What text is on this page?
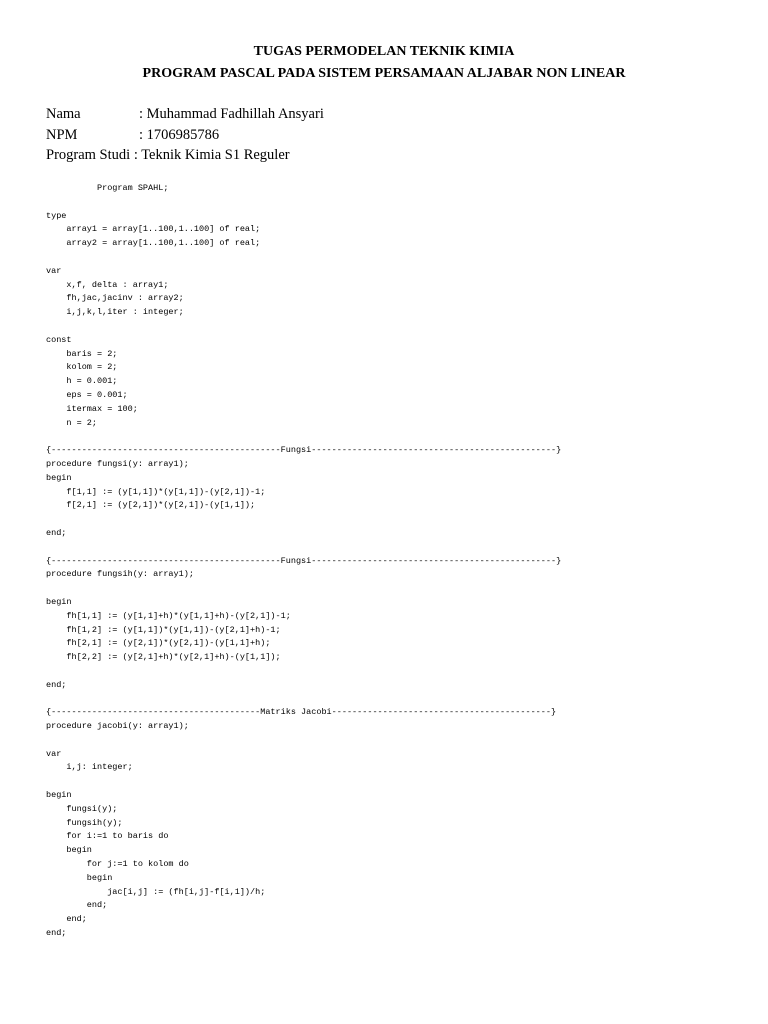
TUGAS PERMODELAN TEKNIK KIMIA
PROGRAM PASCAL PADA SISTEM PERSAMAAN ALJABAR NON LINEAR
Nama	: Muhammad Fadhillah Ansyari
NPM	: 1706985786
Program Studi : Teknik Kimia S1 Reguler
Program SPAHL;
type
array1 = array[1..100,1..100] of real;
array2 = array[1..100,1..100] of real;
var
x,f, delta : array1;
fh,jac,jacinv : array2;
i,j,k,l,iter : integer;
const
baris = 2;
kolom = 2;
h = 0.001;
eps = 0.001;
itermax = 100;
n = 2;
{---------------------------------------------Fungsi------------------------------------------------}
procedure fungsi(y: array1);
begin
f[1,1] := (y[1,1])*(y[1,1])-(y[2,1])-1;
f[2,1] := (y[2,1])*(y[2,1])-(y[1,1]);
end;
{---------------------------------------------Fungsi------------------------------------------------}
procedure fungsih(y: array1);
begin
fh[1,1] := (y[1,1]+h)*(y[1,1]+h)-(y[2,1])-1;
fh[1,2] := (y[1,1])*(y[1,1])-(y[2,1]+h)-1;
fh[2,1] := (y[2,1])*(y[2,1])-(y[1,1]+h);
fh[2,2] := (y[2,1]+h)*(y[2,1]+h)-(y[1,1]);
end;
{-----------------------------------------Matriks Jacobi-------------------------------------------}
procedure jacobi(y: array1);
var
i,j: integer;
begin
fungsi(y);
fungsih(y);
for i:=1 to baris do
begin
for j:=1 to kolom do
begin
jac[i,j] := (fh[i,j]-f[i,1])/h;
end;
end;
end;
